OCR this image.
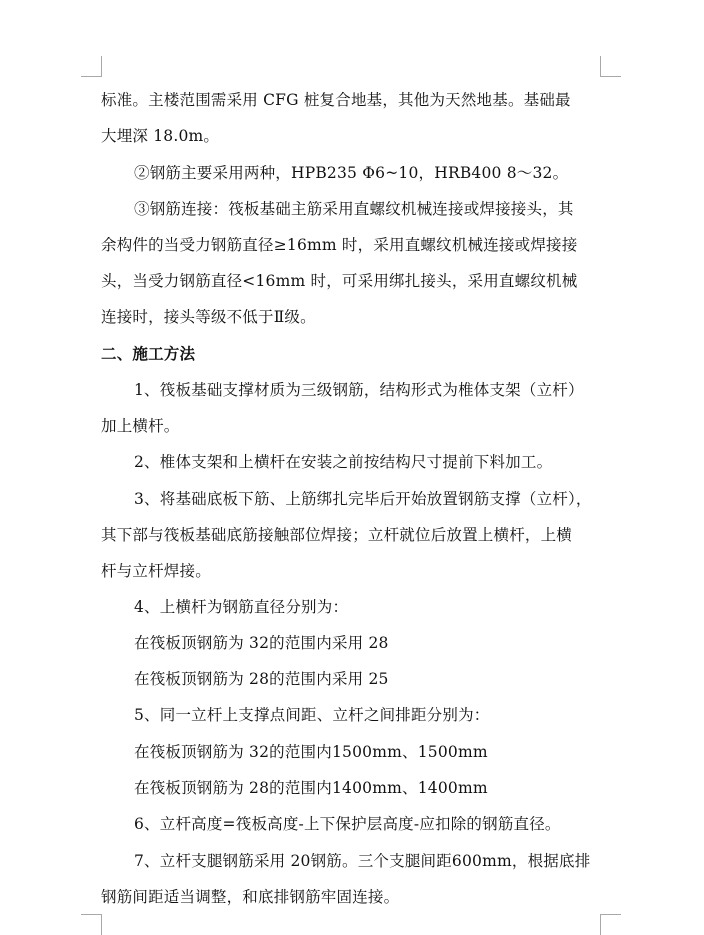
标准。主楼范围需采用 CFG 桩复合地基，其他为天然地基。基础最
大埋深 18.0m。
②钢筋主要采用两种，HPB235 Φ6~10，HRB400 8～32。
③钢筋连接：筏板基础主筋采用直螺纹机械连接或焊接接头，其
余构件的当受力钢筋直径≥16mm 时，采用直螺纹机械连接或焊接接
头，当受力钢筋直径<16mm 时，可采用绑扎接头，采用直螺纹机械
连接时，接头等级不低于Ⅱ级。
二、施工方法
1、筏板基础支撑材质为三级钢筋，结构形式为椎体支架（立杆）
加上横杆。
2、椎体支架和上横杆在安装之前按结构尺寸提前下料加工。
3、将基础底板下筋、上筋绑扎完毕后开始放置钢筋支撑（立杆），
其下部与筏板基础底筋接触部位焊接；立杆就位后放置上横杆，上横
杆与立杆焊接。
4、上横杆为钢筋直径分别为：
在筏板顶钢筋为 32的范围内采用 28
在筏板顶钢筋为 28的范围内采用 25
5、同一立杆上支撑点间距、立杆之间排距分别为：
在筏板顶钢筋为 32的范围内1500mm、1500mm
在筏板顶钢筋为 28的范围内1400mm、1400mm
6、立杆高度=筏板高度-上下保护层高度-应扣除的钢筋直径。
7、立杆支腿钢筋采用 20钢筋。三个支腿间距600mm，根据底排
钢筋间距适当调整，和底排钢筋牢固连接。
